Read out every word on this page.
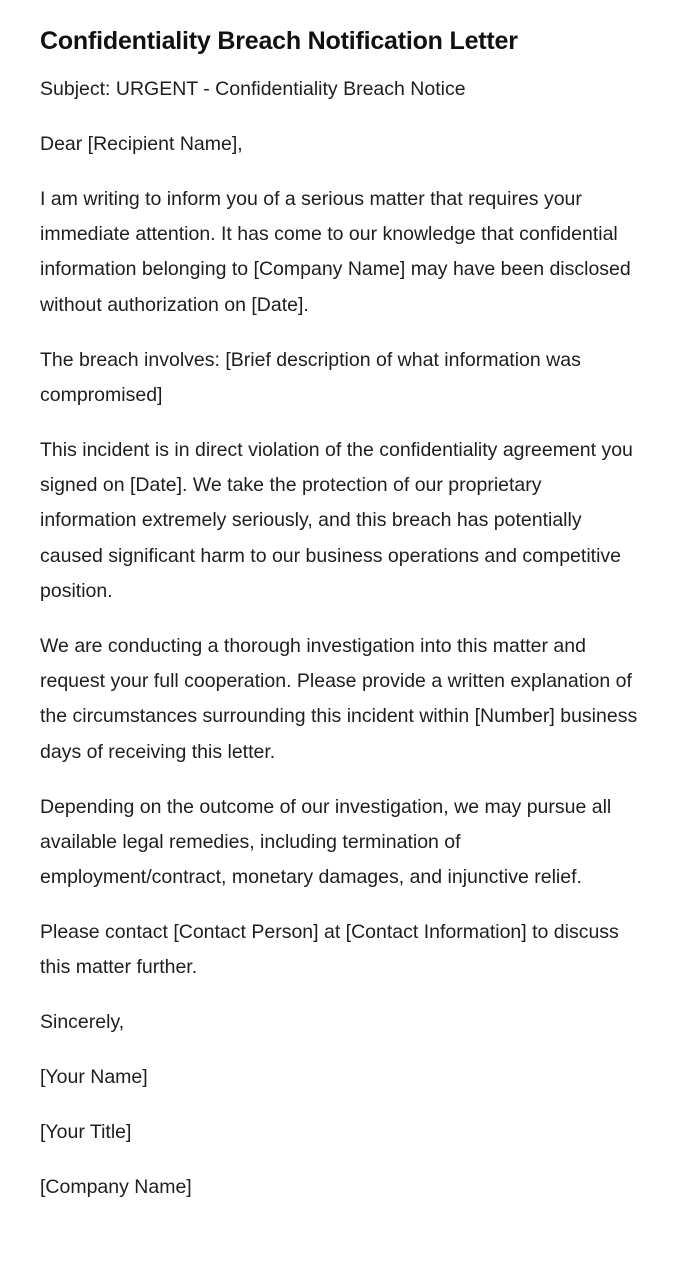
Confidentiality Breach Notification Letter

Subject: URGENT - Confidentiality Breach Notice

Dear [Recipient Name],

I am writing to inform you of a serious matter that requires your immediate attention. It has come to our knowledge that confidential information belonging to [Company Name] may have been disclosed without authorization on [Date].

The breach involves: [Brief description of what information was compromised]

This incident is in direct violation of the confidentiality agreement you signed on [Date]. We take the protection of our proprietary information extremely seriously, and this breach has potentially caused significant harm to our business operations and competitive position.

We are conducting a thorough investigation into this matter and request your full cooperation. Please provide a written explanation of the circumstances surrounding this incident within [Number] business days of receiving this letter.

Depending on the outcome of our investigation, we may pursue all available legal remedies, including termination of employment/contract, monetary damages, and injunctive relief.

Please contact [Contact Person] at [Contact Information] to discuss this matter further.

Sincerely,

[Your Name]

[Your Title]

[Company Name]
